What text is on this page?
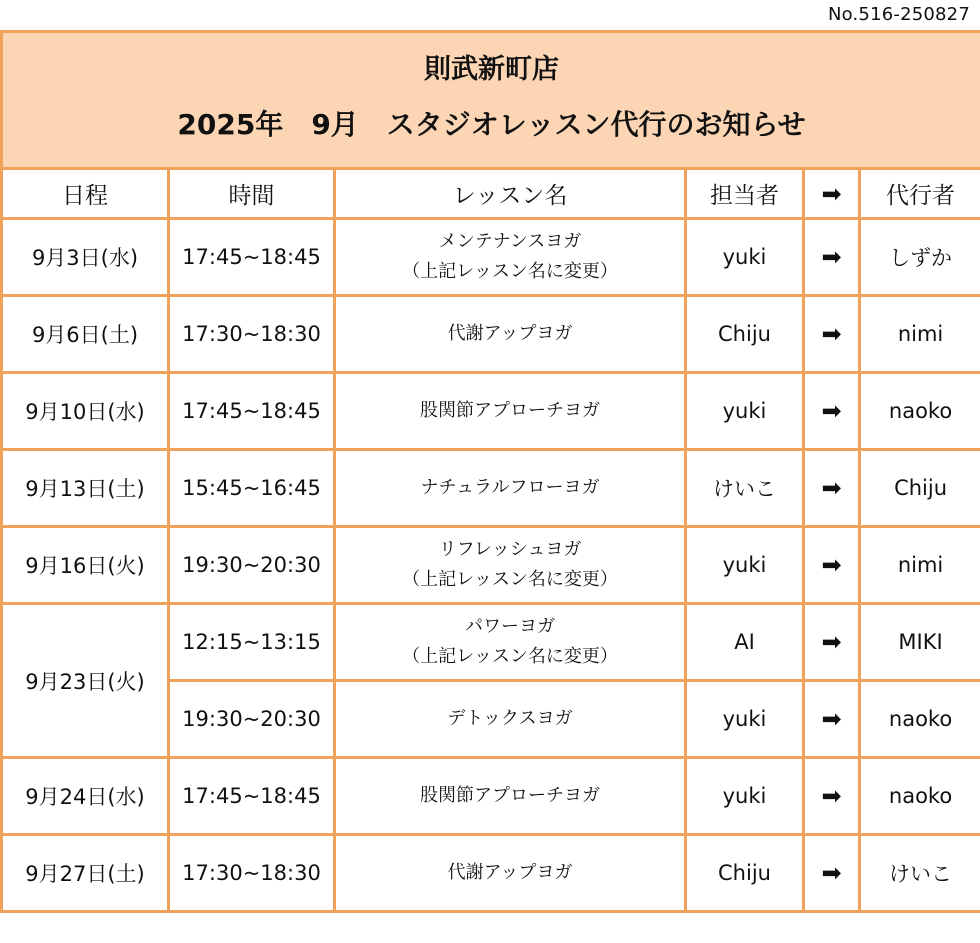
No.516-250827
則武新町店
2025年　9月　スタジオレッスン代行のお知らせ					

日程	時間	レッスン名	担当者	➡	代行者
9月3日(水)	17:45~18:45	メンテナンスヨガ
（上記レッスン名に変更）	yuki	➡	しずか
9月6日(土)	17:30~18:30	代謝アップヨガ	Chiju	➡	nimi
9月10日(水)	17:45~18:45	股関節アプローチヨガ	yuki	➡	naoko
9月13日(土)	15:45~16:45	ナチュラルフローヨガ	けいこ	➡	Chiju
9月16日(火)	19:30~20:30	リフレッシュヨガ
（上記レッスン名に変更）	yuki	➡	nimi
9月23日(火)	12:15~13:15	パワーヨガ
（上記レッスン名に変更）	AI	➡	MIKI
	19:30~20:30	デトックスヨガ	yuki	➡	naoko
9月24日(水)	17:45~18:45	股関節アプローチヨガ	yuki	➡	naoko
9月27日(土)	17:30~18:30	代謝アップヨガ	Chiju	➡	けいこ
